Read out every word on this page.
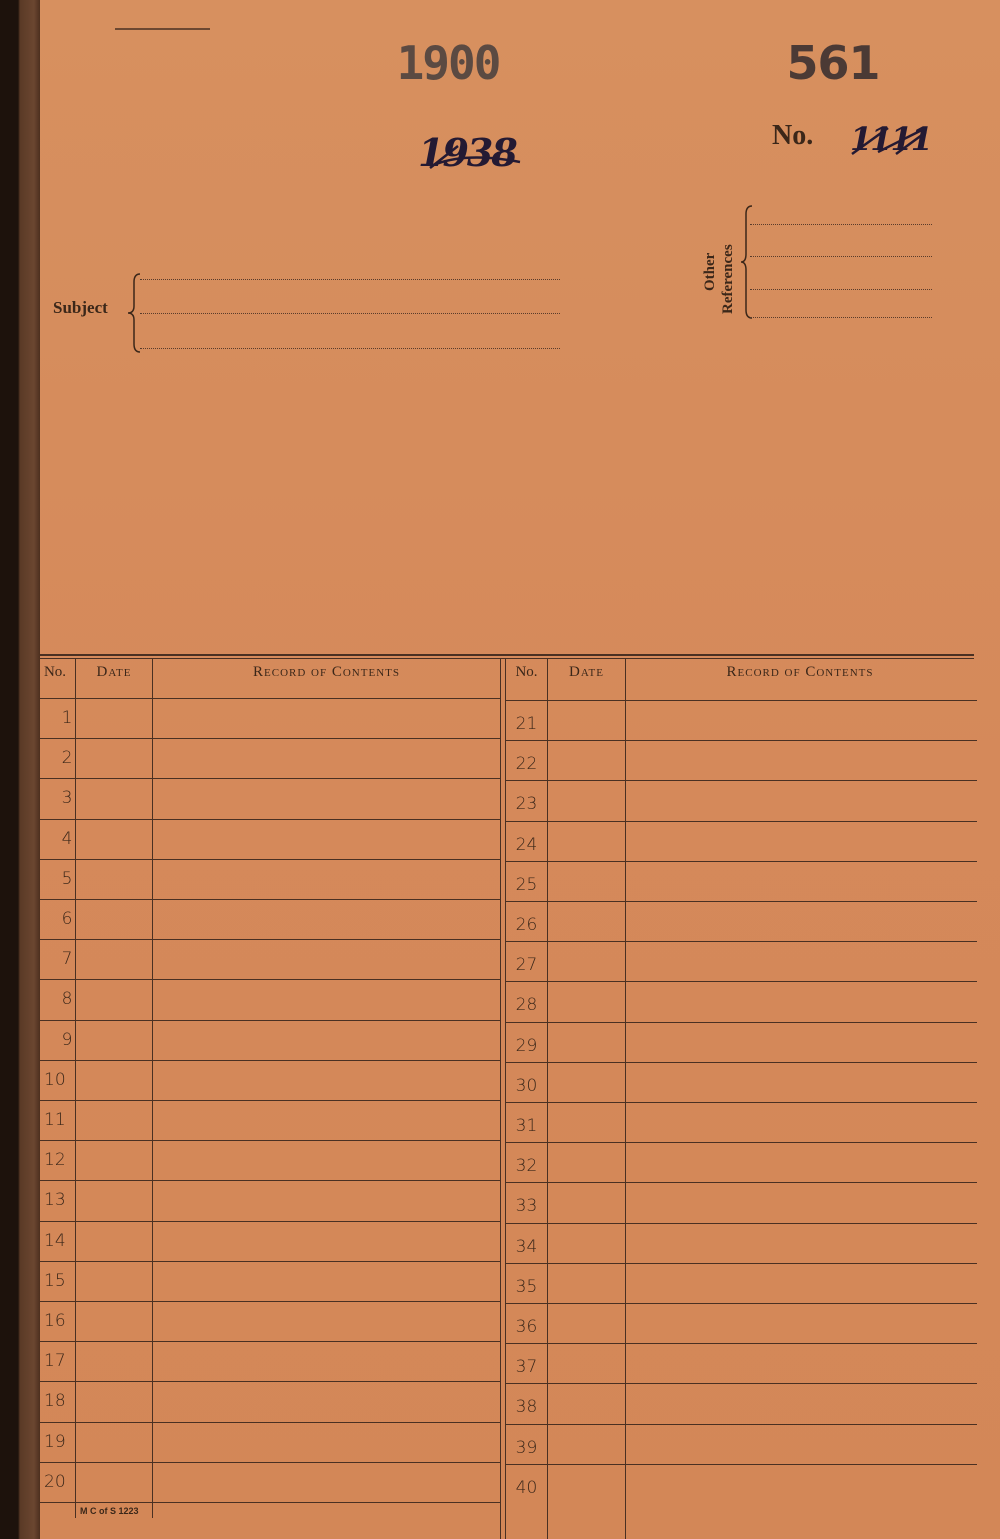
1900	561
1938	No. 1111
Subject
Other References
No.	Date	Record of Contents	No.	Date	Record of Contents
1
2
3
4
5
6
7
8
9
10
11
12
13
14
15
16
17
18
19
20
21
22
23
24
25
26
27
28
29
30
31
32
33
34
35
36
37
38
39
40
M C of S 1223
